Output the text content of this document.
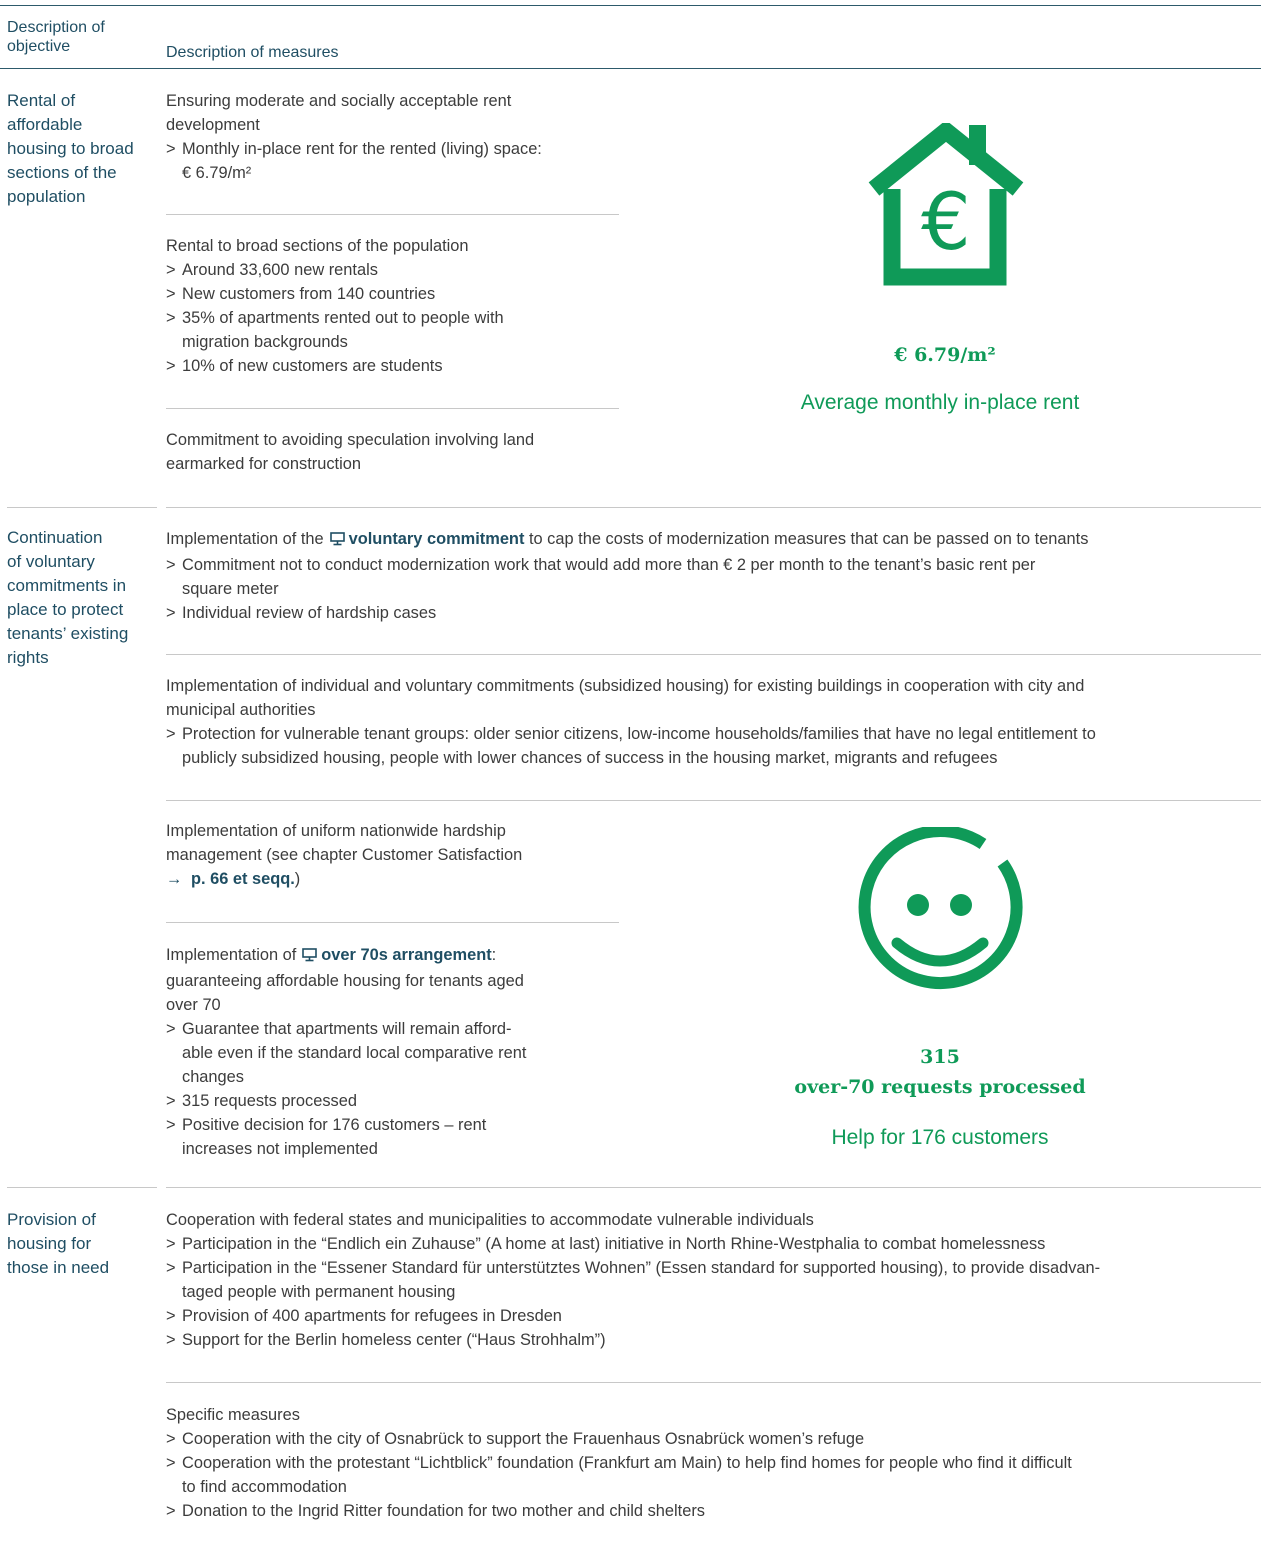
Description of
objective	Description of measures
Rental of
affordable
housing to broad
sections of the
population

Ensuring moderate and socially acceptable rent

development

> Monthly in-place rent for the rented (living) space:

€ 6.79/m²

Rental to broad sections of the population

> Around 33,600 new rentals

> New customers from 140 countries

> 35% of apartments rented out to people with

migration backgrounds

> 10% of new customers are students

Commitment to avoiding speculation involving land

earmarked for construction

€
€ 6.79/m²
Average monthly in-place rent
Continuation
of voluntary
commitments in
place to protect
tenants’ existing
rights

Implementation of the voluntary commitment to cap the costs of modernization measures that can be passed on to tenants

> Commitment not to conduct modernization work that would add more than € 2 per month to the tenant’s basic rent per

square meter

> Individual review of hardship cases

Implementation of individual and voluntary commitments (subsidized housing) for existing buildings in cooperation with city and

municipal authorities

> Protection for vulnerable tenant groups: older senior citizens, low-income households/families that have no legal entitlement to

publicly subsidized housing, people with lower chances of success in the housing market, migrants and refugees

Implementation of uniform nationwide hardship

management (see chapter Customer Satisfaction

→ p. 66 et seqq.)

Implementation of over 70s arrangement:

guaranteeing affordable housing for tenants aged

over 70

> Guarantee that apartments will remain afford-

able even if the standard local comparative rent

changes

> 315 requests processed

> Positive decision for 176 customers – rent

increases not implemented

315
over-70 requests processed
Help for 176 customers
Provision of
housing for
those in need

Cooperation with federal states and municipalities to accommodate vulnerable individuals

> Participation in the “Endlich ein Zuhause” (A home at last) initiative in North Rhine-Westphalia to combat homelessness

> Participation in the “Essener Standard für unterstütztes Wohnen” (Essen standard for supported housing), to provide disadvan-

taged people with permanent housing

> Provision of 400 apartments for refugees in Dresden

> Support for the Berlin homeless center (“Haus Strohhalm”)

Specific measures

> Cooperation with the city of Osnabrück to support the Frauenhaus Osnabrück women’s refuge

> Cooperation with the protestant “Lichtblick” foundation (Frankfurt am Main) to help find homes for people who find it difficult

to find accommodation

> Donation to the Ingrid Ritter foundation for two mother and child shelters
